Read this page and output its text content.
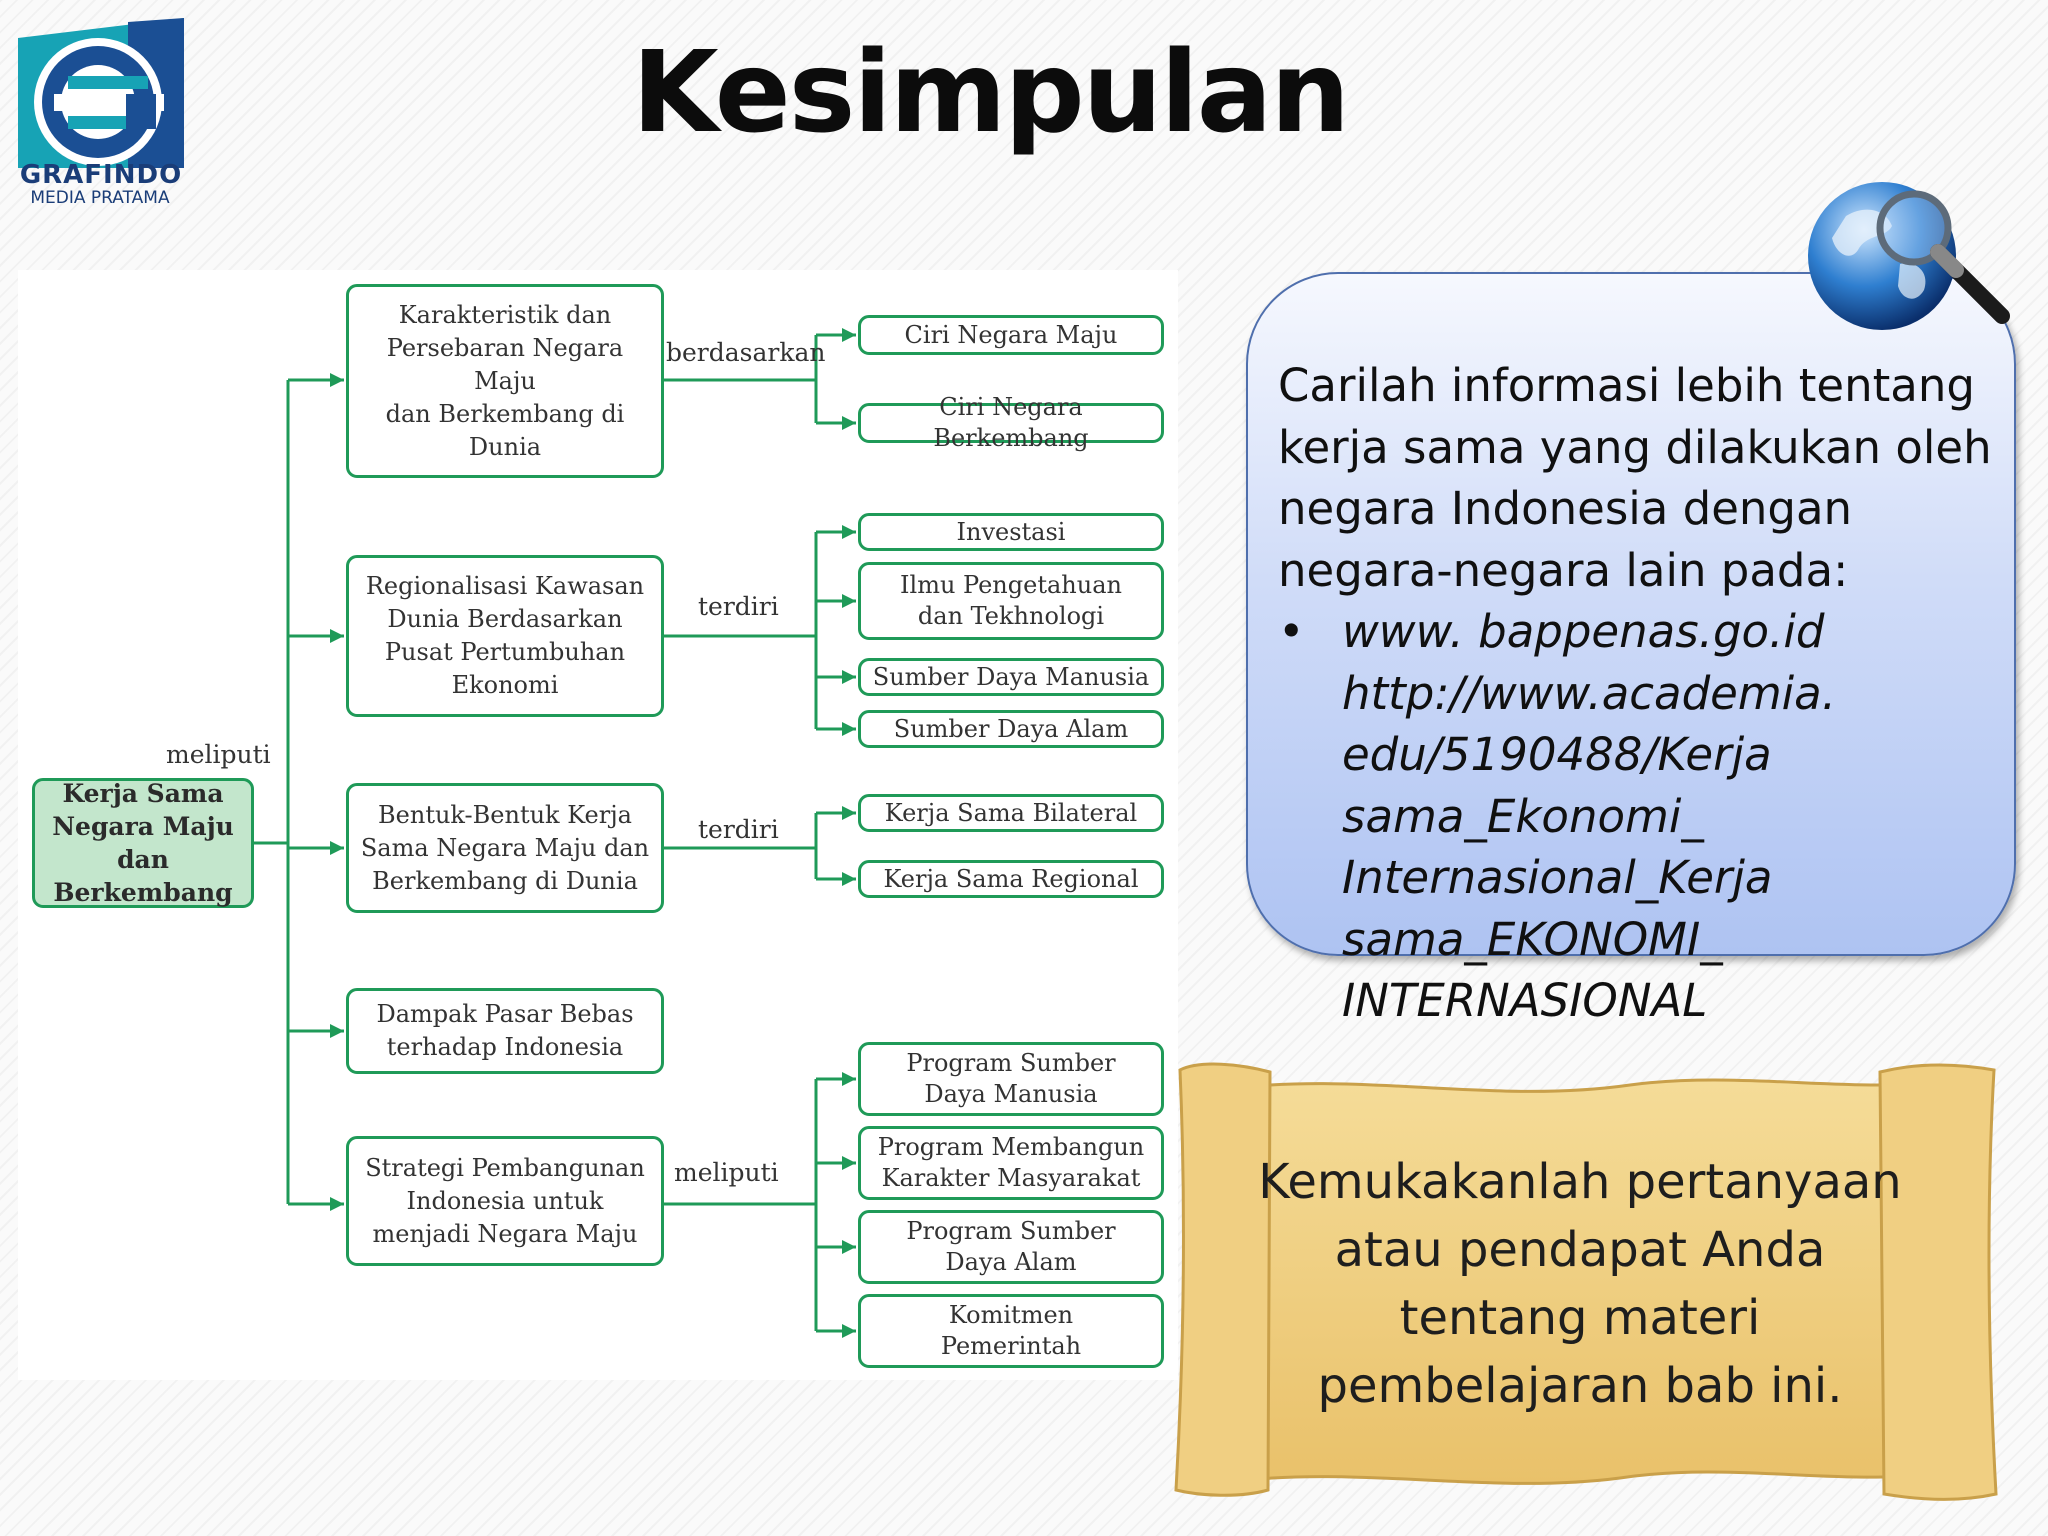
Kesimpulan
GRAFINDO
MEDIA PRATAMA
Kerja Sama
Negara Maju
dan Berkembang
meliputi
Karakteristik dan
Persebaran Negara
Maju
dan Berkembang di
Dunia
berdasarkan
Ciri Negara Maju
Ciri Negara Berkembang
Regionalisasi Kawasan
Dunia Berdasarkan
Pusat Pertumbuhan
Ekonomi
terdiri
Investasi
Ilmu Pengetahuan
dan Tekhnologi
Sumber Daya Manusia
Sumber Daya Alam
Bentuk-Bentuk Kerja
Sama Negara Maju dan
Berkembang di Dunia
terdiri
Kerja Sama Bilateral
Kerja Sama Regional
Dampak Pasar Bebas
terhadap Indonesia
Strategi Pembangunan
Indonesia untuk
menjadi Negara Maju
meliputi
Program Sumber
Daya Manusia
Program Membangun
Karakter Masyarakat
Program Sumber
Daya Alam
Komitmen
Pemerintah
Carilah informasi lebih tentang kerja sama yang dilakukan oleh negara Indonesia dengan negara-negara lain pada:
• www. bappenas.go.id http://www.academia. edu/5190488/Kerja sama_Ekonomi_ Internasional_Kerja sama_EKONOMI_ INTERNASIONAL
Kemukakanlah pertanyaan atau pendapat Anda tentang materi pembelajaran bab ini.
